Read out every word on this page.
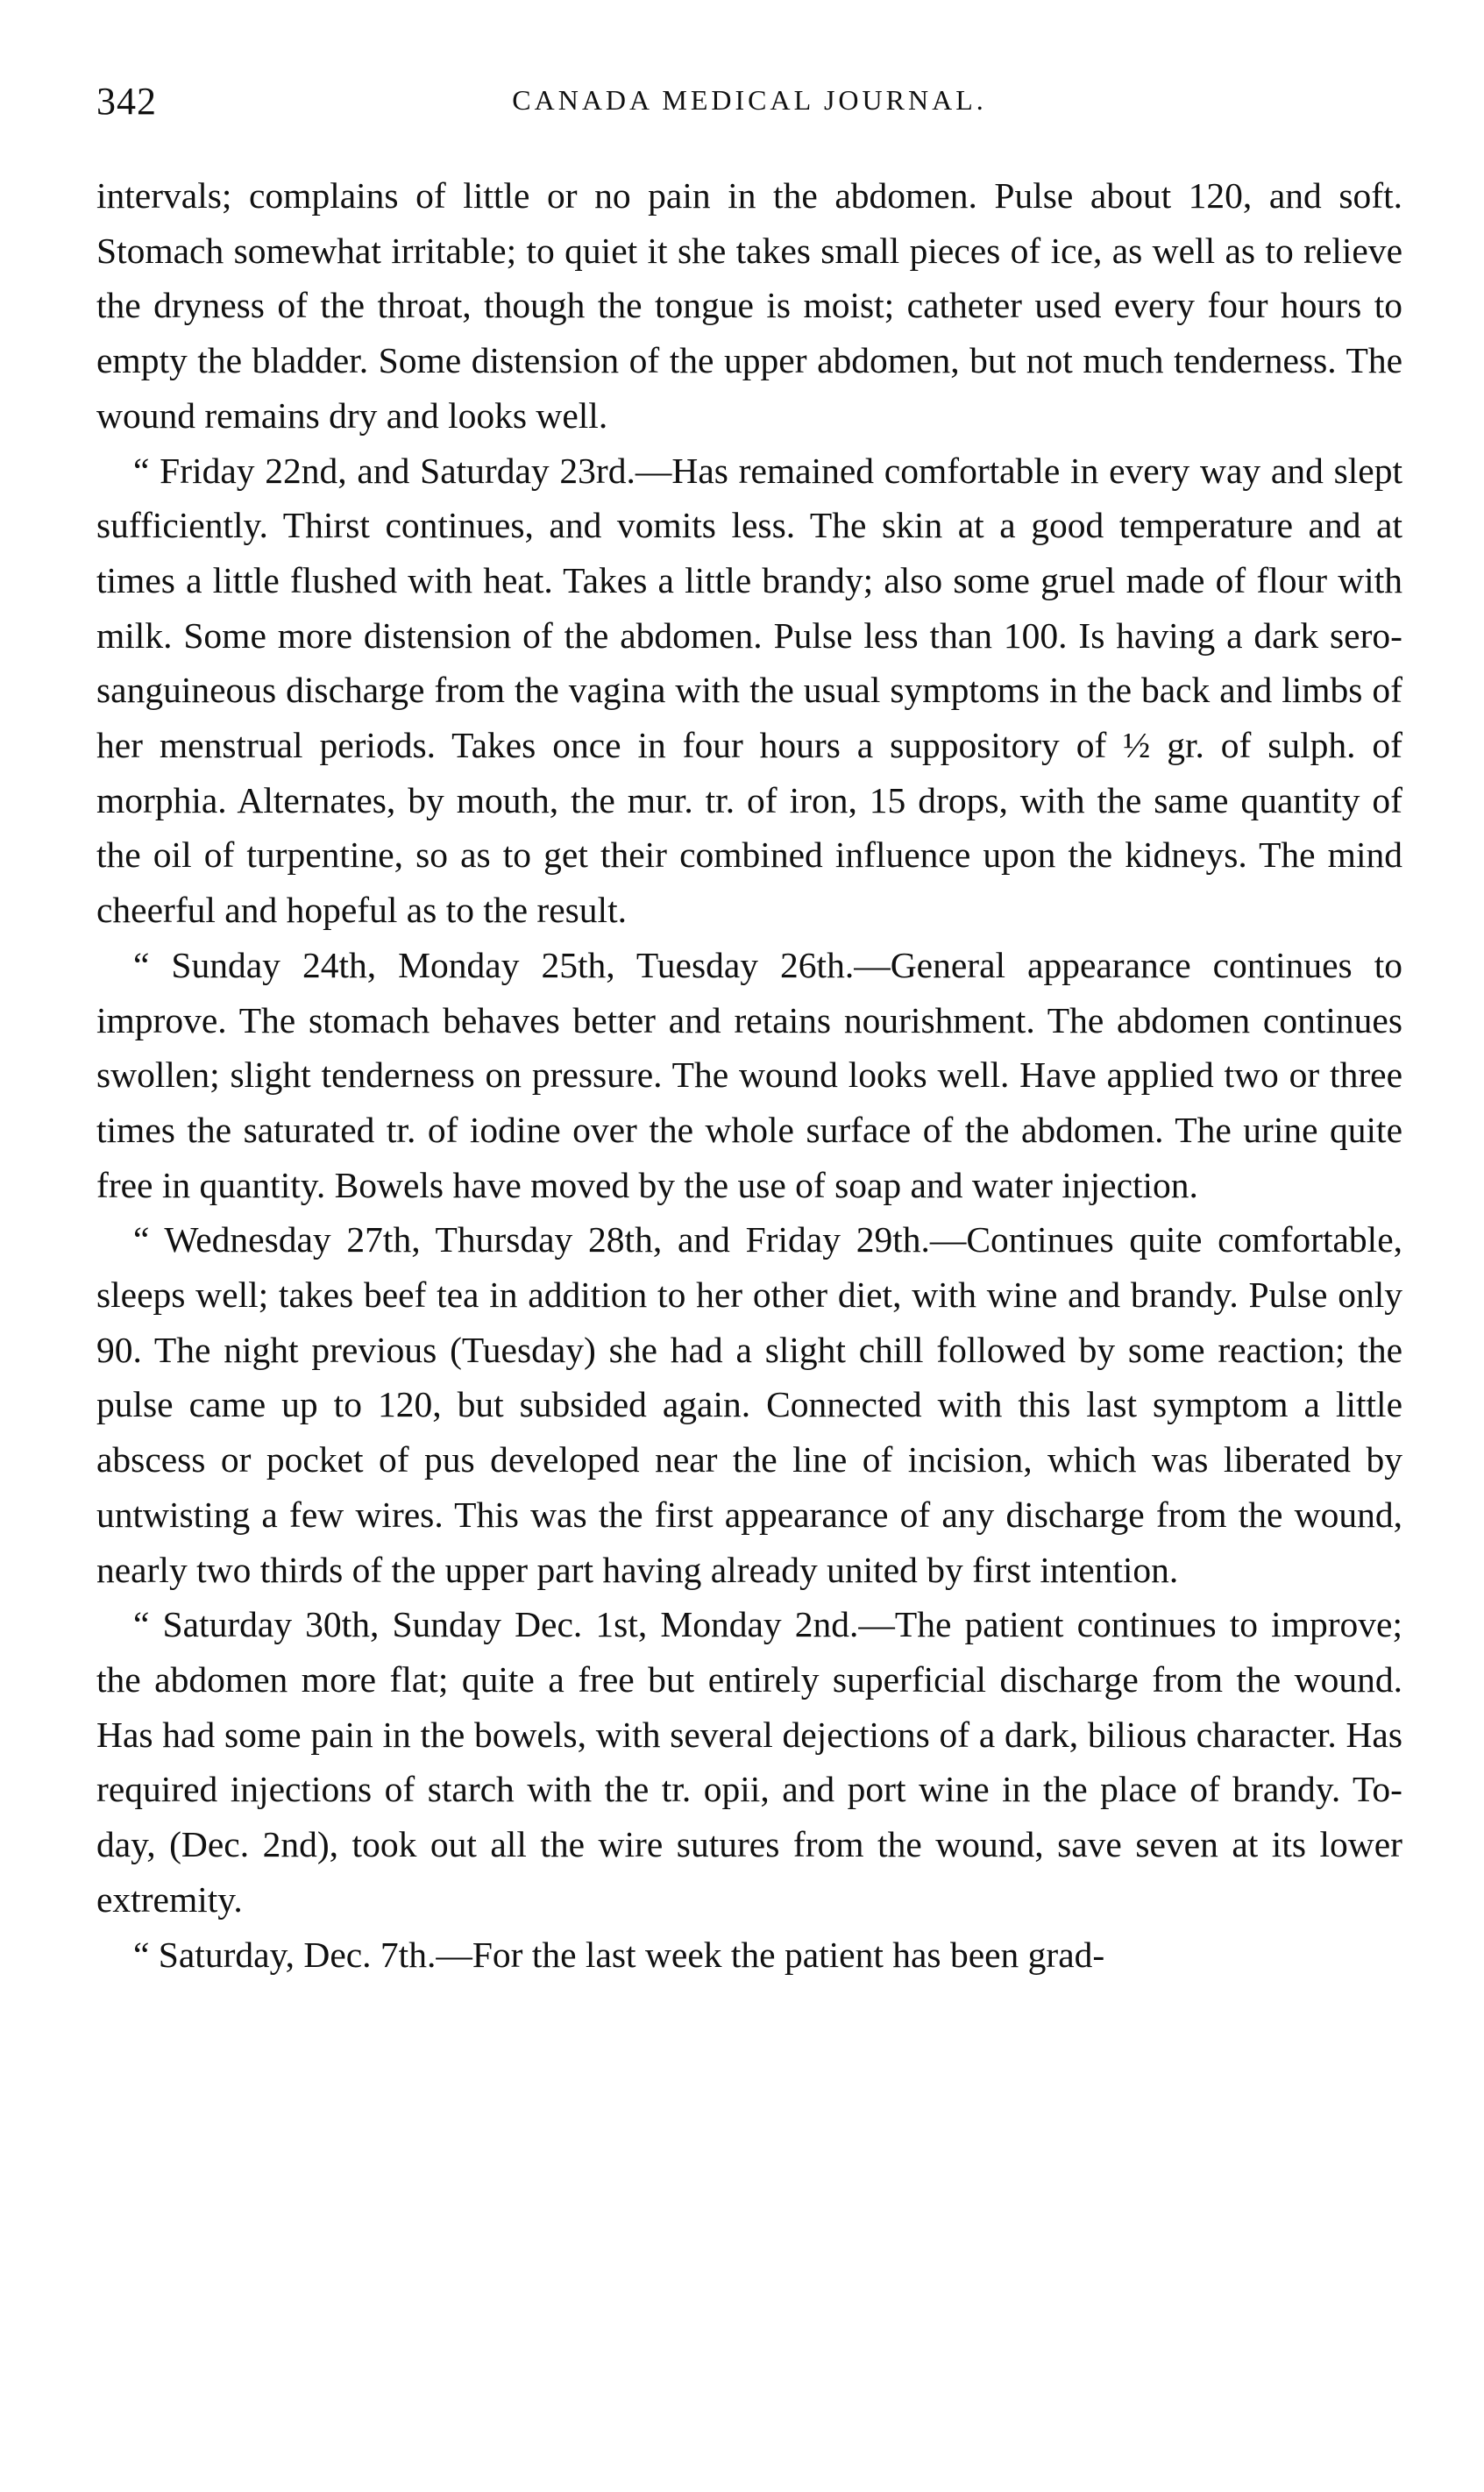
342	CANADA MEDICAL JOURNAL.

intervals; complains of little or no pain in the abdomen. Pulse about 120, and soft. Stomach somewhat irritable; to quiet it she takes small pieces of ice, as well as to relieve the dryness of the throat, though the tongue is moist; catheter used every four hours to empty the bladder. Some distension of the upper abdomen, but not much tenderness. The wound remains dry and looks well.

“ Friday 22nd, and Saturday 23rd.—Has remained comfortable in every way and slept sufficiently. Thirst continues, and vomits less. The skin at a good temperature and at times a little flushed with heat. Takes a little brandy; also some gruel made of flour with milk. Some more distension of the abdomen. Pulse less than 100. Is having a dark sero-sanguineous discharge from the vagina with the usual symptoms in the back and limbs of her menstrual periods. Takes once in four hours a suppository of ½ gr. of sulph. of morphia. Alternates, by mouth, the mur. tr. of iron, 15 drops, with the same quantity of the oil of turpentine, so as to get their combined influence upon the kidneys. The mind cheerful and hopeful as to the result.

“ Sunday 24th, Monday 25th, Tuesday 26th.—General appearance continues to improve. The stomach behaves better and retains nourishment. The abdomen continues swollen; slight tenderness on pressure. The wound looks well. Have applied two or three times the saturated tr. of iodine over the whole surface of the abdomen. The urine quite free in quantity. Bowels have moved by the use of soap and water injection.

“ Wednesday 27th, Thursday 28th, and Friday 29th.—Continues quite comfortable, sleeps well; takes beef tea in addition to her other diet, with wine and brandy. Pulse only 90. The night previous (Tuesday) she had a slight chill followed by some reaction; the pulse came up to 120, but subsided again. Connected with this last symptom a little abscess or pocket of pus developed near the line of incision, which was liberated by untwisting a few wires. This was the first appearance of any discharge from the wound, nearly two thirds of the upper part having already united by first intention.

“ Saturday 30th, Sunday Dec. 1st, Monday 2nd.—The patient continues to improve; the abdomen more flat; quite a free but entirely superficial discharge from the wound. Has had some pain in the bowels, with several dejections of a dark, bilious character. Has required injections of starch with the tr. opii, and port wine in the place of brandy. To-day, (Dec. 2nd), took out all the wire sutures from the wound, save seven at its lower extremity.

“ Saturday, Dec. 7th.—For the last week the patient has been grad-
